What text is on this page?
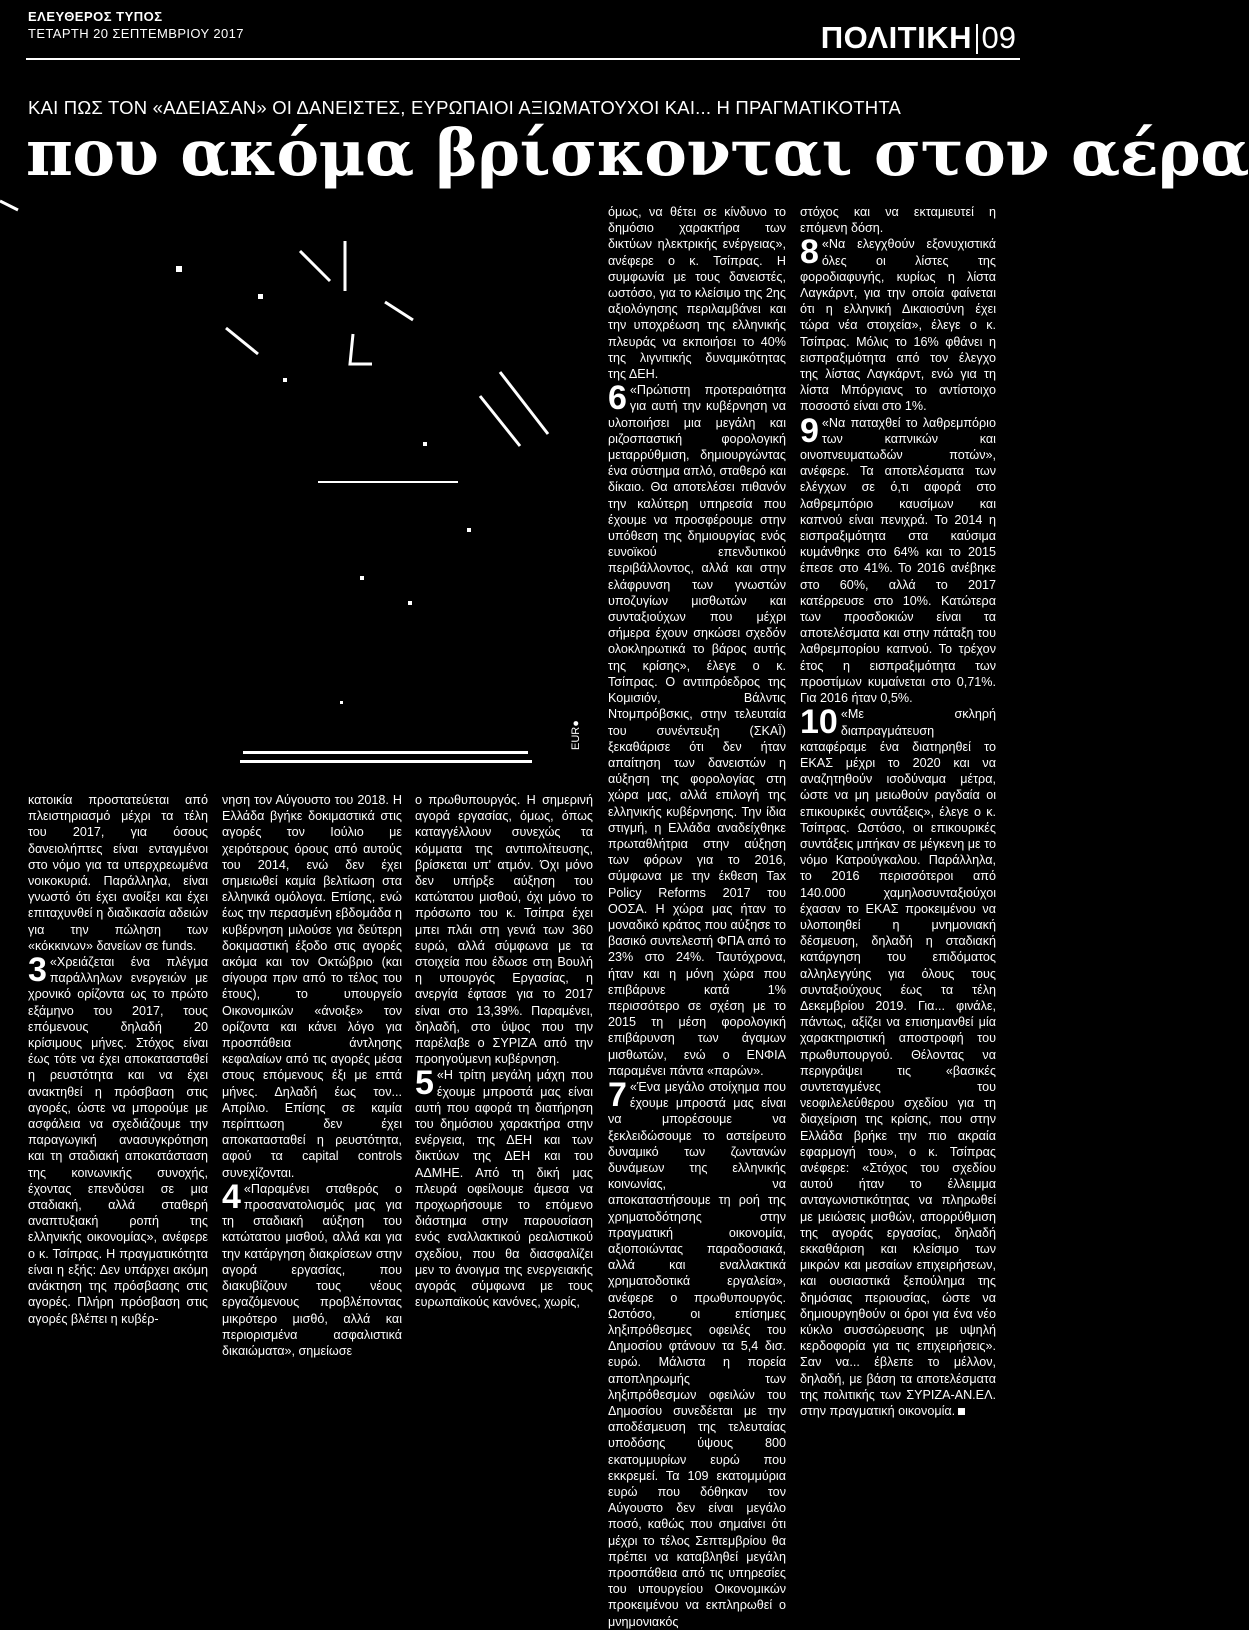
ΕΛΕΥΘΕΡΟΣ ΤΥΠΟΣ
ΤΕΤΑΡΤΗ 20 ΣΕΠΤΕΜΒΡΙΟΥ 2017	ΠΟΛΙΤΙΚΗ 09
ΚΑΙ ΠΩΣ ΤΟΝ «ΑΔΕΙΑΣΑΝ» ΟΙ ΔΑΝΕΙΣΤΕΣ, ΕΥΡΩΠΑΙΟΙ ΑΞΙΩΜΑΤΟΥΧΟΙ ΚΑΙ... Η ΠΡΑΓΜΑΤΙΚΟΤΗΤΑ
που ακόμα βρίσκονται στον αέρα
EUR●

κατοικία προστατεύεται από πλειστηριασμό μέχρι τα τέλη του 2017, για όσους δανειολήπτες είναι ενταγμένοι στο νόμο για τα υπερχρεωμένα νοικοκυριά. Παράλληλα, είναι γνωστό ότι έχει ανοίξει και έχει επιταχυνθεί η διαδικασία αδειών για την πώληση των «κόκκινων» δανείων σε funds.

3 «Χρειάζεται ένα πλέγμα παράλληλων ενεργειών με χρονικό ορίζοντα ως το πρώτο εξάμηνο του 2017, τους επόμενους δηλαδή 20 κρίσιμους μήνες. Στόχος είναι έως τότε να έχει αποκατασταθεί η ρευστότητα και να έχει ανακτηθεί η πρόσβαση στις αγορές, ώστε να μπορούμε με ασφάλεια να σχεδιάζουμε την παραγωγική ανασυγκρότηση και τη σταδιακή αποκατάσταση της κοινωνικής συνοχής, έχοντας επενδύσει σε μια σταδιακή, αλλά σταθερή αναπτυξιακή ροπή της ελληνικής οικονομίας», ανέφερε ο κ. Τσίπρας. Η πραγματικότητα είναι η εξής: Δεν υπάρχει ακόμη ανάκτηση της πρόσβασης στις αγορές. Πλήρη πρόσβαση στις αγορές βλέπει η κυβέρ-

νηση τον Αύγουστο του 2018. Η Ελλάδα βγήκε δοκιμαστικά στις αγορές τον Ιούλιο με χειρότερους όρους από αυτούς του 2014, ενώ δεν έχει σημειωθεί καμία βελτίωση στα ελληνικά ομόλογα. Επίσης, ενώ έως την περασμένη εβδομάδα η κυβέρνηση μιλούσε για δεύτερη δοκιμαστική έξοδο στις αγορές ακόμα και τον Οκτώβριο (και σίγουρα πριν από το τέλος του έτους), το υπουργείο Οικονομικών «άνοιξε» τον ορίζοντα και κάνει λόγο για προσπάθεια άντλησης κεφαλαίων από τις αγορές μέσα στους επόμενους έξι με επτά μήνες. Δηλαδή έως τον... Απρίλιο. Επίσης σε καμία περίπτωση δεν έχει αποκατασταθεί η ρευστότητα, αφού τα capital controls συνεχίζονται.

4 «Παραμένει σταθερός ο προσανατολισμός μας για τη σταδιακή αύξηση του κατώτατου μισθού, αλλά και για την κατάργηση διακρίσεων στην αγορά εργασίας, που διακυβίζουν τους νέους εργαζόμενους προβλέποντας μικρότερο μισθό, αλλά και περιορισμένα ασφαλιστικά δικαιώματα», σημείωσε

ο πρωθυπουργός. Η σημερινή αγορά εργασίας, όμως, όπως καταγγέλλουν συνεχώς τα κόμματα της αντιπολίτευσης, βρίσκεται υπ' ατμόν. Όχι μόνο δεν υπήρξε αύξηση του κατώτατου μισθού, όχι μόνο το πρόσωπο του κ. Τσίπρα έχει μπει πλάι στη γενιά των 360 ευρώ, αλλά σύμφωνα με τα στοιχεία που έδωσε στη Βουλή η υπουργός Εργασίας, η ανεργία έφτασε για το 2017 είναι στο 13,39%. Παραμένει, δηλαδή, στο ύψος που την παρέλαβε ο ΣΥΡΙΖΑ από την προηγούμενη κυβέρνηση.

5 «Η τρίτη μεγάλη μάχη που έχουμε μπροστά μας είναι αυτή που αφορά τη διατήρηση του δημόσιου χαρακτήρα στην ενέργεια, της ΔΕΗ και των δικτύων της ΔΕΗ και του ΑΔΜΗΕ. Από τη δική μας πλευρά οφείλουμε άμεσα να προχωρήσουμε το επόμενο διάστημα στην παρουσίαση ενός εναλλακτικού ρεαλιστικού σχεδίου, που θα διασφαλίζει μεν το άνοιγμα της ενεργειακής αγοράς σύμφωνα με τους ευρωπαϊκούς κανόνες, χωρίς,

όμως, να θέτει σε κίνδυνο το δημόσιο χαρακτήρα των δικτύων ηλεκτρικής ενέργειας», ανέφερε ο κ. Τσίπρας. Η συμφωνία με τους δανειστές, ωστόσο, για το κλείσιμο της 2ης αξιολόγησης περιλαμβάνει και την υποχρέωση της ελληνικής πλευράς να εκποιήσει το 40% της λιγνιτικής δυναμικότητας της ΔΕΗ.

6 «Πρώτιστη προτεραιότητα για αυτή την κυβέρνηση να υλοποιήσει μια μεγάλη και ριζοσπαστική φορολογική μεταρρύθμιση, δημιουργώντας ένα σύστημα απλό, σταθερό και δίκαιο. Θα αποτελέσει πιθανόν την καλύτερη υπηρεσία που έχουμε να προσφέρουμε στην υπόθεση της δημιουργίας ενός ευνοϊκού επενδυτικού περιβάλλοντος, αλλά και στην ελάφρυνση των γνωστών υποζυγίων μισθωτών και συνταξιούχων που μέχρι σήμερα έχουν σηκώσει σχεδόν ολοκληρωτικά το βάρος αυτής της κρίσης», έλεγε ο κ. Τσίπρας. Ο αντιπρόεδρος της Κομισιόν, Βάλντις Ντομπρόβσκις, στην τελευταία του συνέντευξη (ΣΚΑΪ) ξεκαθάρισε ότι δεν ήταν απαίτηση των δανειστών η αύξηση της φορολογίας στη χώρα μας, αλλά επιλογή της ελληνικής κυβέρνησης. Την ίδια στιγμή, η Ελλάδα αναδείχθηκε πρωταθλήτρια στην αύξηση των φόρων για το 2016, σύμφωνα με την έκθεση Tax Policy Reforms 2017 του ΟΟΣΑ. Η χώρα μας ήταν το μοναδικό κράτος που αύξησε το βασικό συντελεστή ΦΠΑ από το 23% στο 24%. Ταυτόχρονα, ήταν και η μόνη χώρα που επιβάρυνε κατά 1% περισσότερο σε σχέση με το 2015 τη μέση φορολογική επιβάρυνση των άγαμων μισθωτών, ενώ ο ΕΝΦΙΑ παραμένει πάντα «παρών».

7 «Ένα μεγάλο στοίχημα που έχουμε μπροστά μας είναι να μπορέσουμε να ξεκλειδώσουμε το αστείρευτο δυναμικό των ζωντανών δυνάμεων της ελληνικής κοινωνίας, να αποκαταστήσουμε τη ροή της χρηματοδότησης στην πραγματική οικονομία, αξιοποιώντας παραδοσιακά, αλλά και εναλλακτικά χρηματοδοτικά εργαλεία», ανέφερε ο πρωθυπουργός. Ωστόσο, οι επίσημες ληξιπρόθεσμες οφειλές του Δημοσίου φτάνουν τα 5,4 δισ. ευρώ. Μάλιστα η πορεία αποπληρωμής των ληξιπρόθεσμων οφειλών του Δημοσίου συνεδέεται με την αποδέσμευση της τελευταίας υποδόσης ύψους 800 εκατομμυρίων ευρώ που εκκρεμεί. Τα 109 εκατομμύρια ευρώ που δόθηκαν τον Αύγουστο δεν είναι μεγάλο ποσό, καθώς που σημαίνει ότι μέχρι το τέλος Σεπτεμβρίου θα πρέπει να καταβληθεί μεγάλη προσπάθεια από τις υπηρεσίες του υπουργείου Οικονομικών προκειμένου να εκπληρωθεί ο μνημονιακός

στόχος και να εκταμιευτεί η επόμενη δόση.

8 «Να ελεγχθούν εξονυχιστικά όλες οι λίστες της φοροδιαφυγής, κυρίως η λίστα Λαγκάρντ, για την οποία φαίνεται ότι η ελληνική Δικαιοσύνη έχει τώρα νέα στοιχεία», έλεγε ο κ. Τσίπρας. Μόλις το 16% φθάνει η εισπραξιμότητα από τον έλεγχο της λίστας Λαγκάρντ, ενώ για τη λίστα Μπόργιανς το αντίστοιχο ποσοστό είναι στο 1%.

9 «Να παταχθεί το λαθρεμπόριο των καπνικών και οινοπνευματωδών ποτών», ανέφερε. Τα αποτελέσματα των ελέγχων σε ό,τι αφορά στο λαθρεμπόριο καυσίμων και καπνού είναι πενιχρά. Το 2014 η εισπραξιμότητα στα καύσιμα κυμάνθηκε στο 64% και το 2015 έπεσε στο 41%. Το 2016 ανέβηκε στο 60%, αλλά το 2017 κατέρρευσε στο 10%. Κατώτερα των προσδοκιών είναι τα αποτελέσματα και στην πάταξη του λαθρεμπορίου καπνού. Το τρέχον έτος η εισπραξιμότητα των προστίμων κυμαίνεται στο 0,71%. Για 2016 ήταν 0,5%.

10 «Με σκληρή διαπραγμάτευση καταφέραμε ένα διατηρηθεί το ΕΚΑΣ μέχρι το 2020 και να αναζητηθούν ισοδύναμα μέτρα, ώστε να μη μειωθούν ραγδαία οι επικουρικές συντάξεις», έλεγε ο κ. Τσίπρας. Ωστόσο, οι επικουρικές συντάξεις μπήκαν σε μέγκενη με το νόμο Κατρούγκαλου. Παράλληλα, το 2016 περισσότεροι από 140.000 χαμηλοσυνταξιούχοι έχασαν το ΕΚΑΣ προκειμένου να υλοποιηθεί η μνημονιακή δέσμευση, δηλαδή η σταδιακή κατάργηση του επιδόματος αλληλεγγύης για όλους τους συνταξιούχους έως τα τέλη Δεκεμβρίου 2019. Για... φινάλε, πάντως, αξίζει να επισημανθεί μία χαρακτηριστική αποστροφή του πρωθυπουργού. Θέλοντας να περιγράψει τις «βασικές συντεταγμένες του νεοφιλελεύθερου σχεδίου για τη διαχείριση της κρίσης, που στην Ελλάδα βρήκε την πιο ακραία εφαρμογή του», ο κ. Τσίπρας ανέφερε: «Στόχος του σχεδίου αυτού ήταν το έλλειμμα ανταγωνιστικότητας να πληρωθεί με μειώσεις μισθών, απορρύθμιση της αγοράς εργασίας, δηλαδή εκκαθάριση και κλείσιμο των μικρών και μεσαίων επιχειρήσεων, και ουσιαστικά ξεπούλημα της δημόσιας περιουσίας, ώστε να δημιουργηθούν οι όροι για ένα νέο κύκλο συσσώρευσης με υψηλή κερδοφορία για τις επιχειρήσεις». Σαν να... έβλεπε το μέλλον, δηλαδή, με βάση τα αποτελέσματα της πολιτικής των ΣΥΡΙΖΑ-ΑΝ.ΕΛ. στην πραγματική οικονομία.
